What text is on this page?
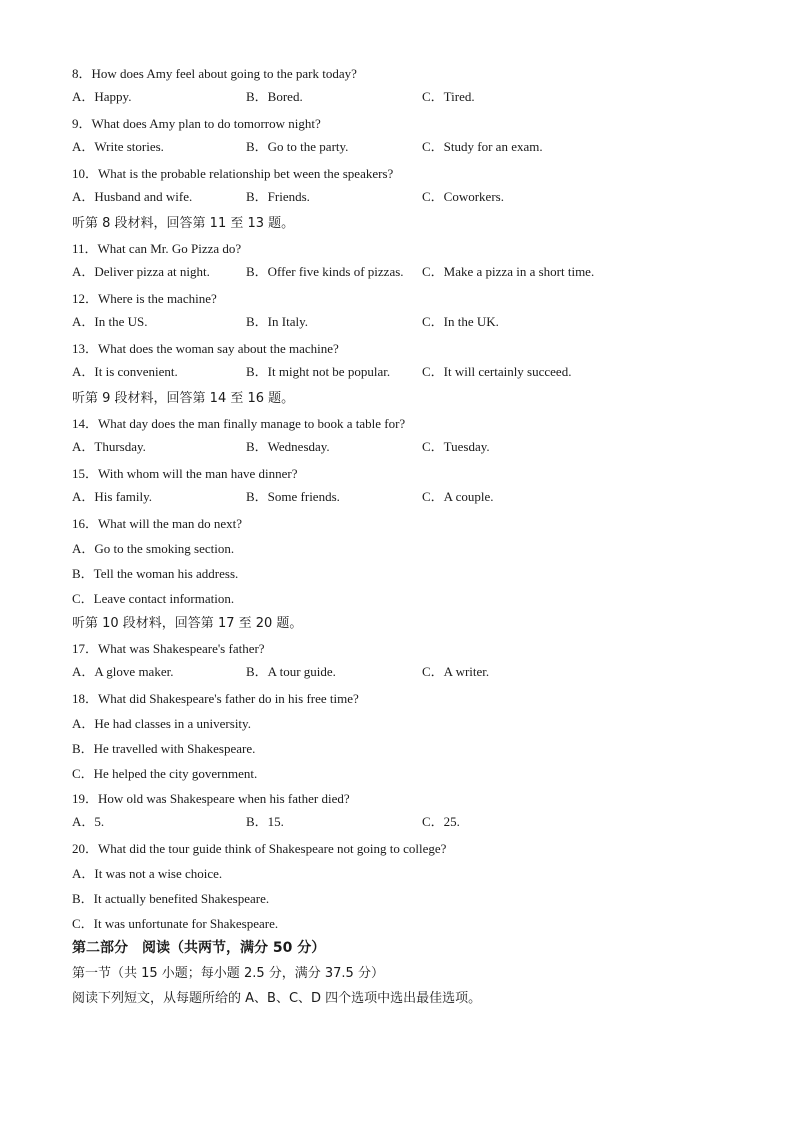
8．How does Amy feel about going to the park today?
A．Happy.	B．Bored.	C．Tired.
9．What does Amy plan to do tomorrow night?
A．Write stories.	B．Go to the party.	C．Study for an exam.
10．What is the probable relationship bet ween the speakers?
A．Husband and wife.	B．Friends.	C．Coworkers.
听第 8 段材料，回答第 11 至 13 题。
11．What can Mr. Go Pizza do?
A．Deliver pizza at night.	B．Offer five kinds of pizzas. C．Make a pizza in a short time.
12．Where is the machine?
A．In the US.	B．In Italy.	C．In the UK.
13．What does the woman say about the machine?
A．It is convenient.	B．It might not be popular. C．It will certainly succeed.
听第 9 段材料，回答第 14 至 16 题。
14．What day does the man finally manage to book a table for?
A．Thursday.	B．Wednesday.	C．Tuesday.
15．With whom will the man have dinner?
A．His family.	B．Some friends.	C．A couple.
16．What will the man do next?
A．Go to the smoking section.
B．Tell the woman his address.
C．Leave contact information.
听第 10 段材料，回答第 17 至 20 题。
17．What was Shakespeare's father?
A．A glove maker.	B．A tour guide.	C．A writer.
18．What did Shakespeare's father do in his free time?
A．He had classes in a university.
B．He travelled with Shakespeare.
C．He helped the city government.
19．How old was Shakespeare when his father died?
A．5.	B．15.	C．25.
20．What did the tour guide think of Shakespeare not going to college?
A．It was not a wise choice.
B．It actually benefited Shakespeare.
C．It was unfortunate for Shakespeare.
第二部分　阅读（共两节，满分 50 分）
第一节（共 15 小题；每小题 2.5 分，满分 37.5 分）
阅读下列短文，从每题所给的 A、B、C、D 四个选项中选出最佳选项。
